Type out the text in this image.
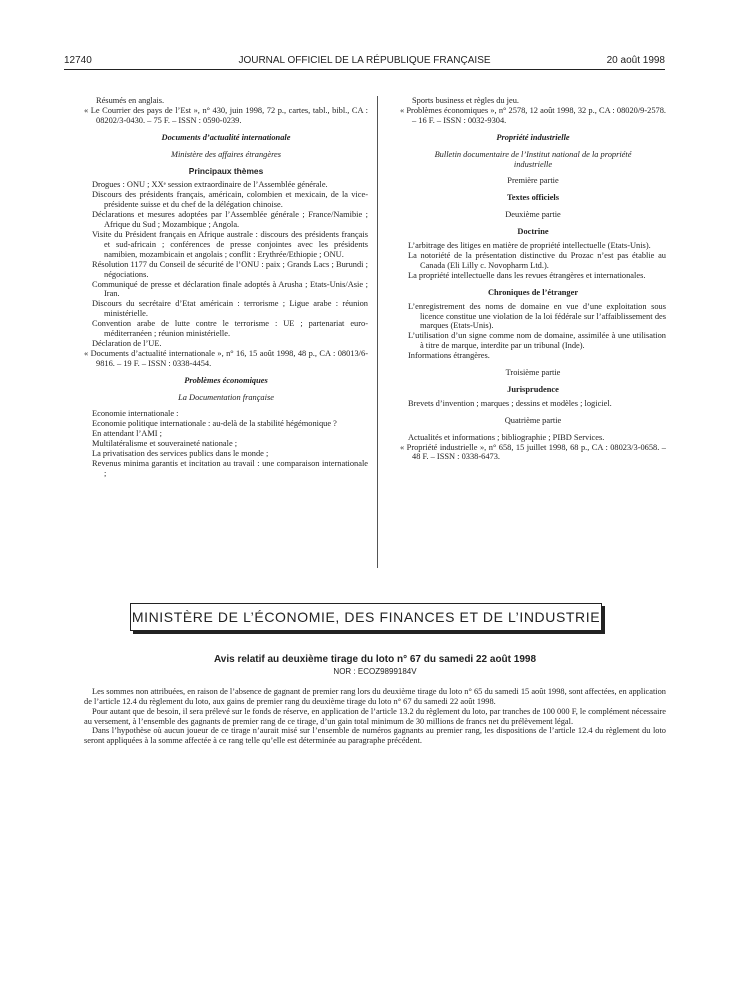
12740	JOURNAL OFFICIEL DE LA RÉPUBLIQUE FRANÇAISE	20 août 1998

Résumés en anglais.

« Le Courrier des pays de l’Est », n° 430, juin 1998, 72 p., cartes, tabl., bibl., CA : 08202/3-0430. – 75 F. – ISSN : 0590-0239.

Documents d’actualité internationale

Ministère des affaires étrangères

Principaux thèmes

Drogues : ONU ; XXᵉ session extraordinaire de l’Assemblée générale.

Discours des présidents français, américain, colombien et mexicain, de la vice-présidente suisse et du chef de la délégation chinoise.

Déclarations et mesures adoptées par l’Assemblée générale ; France/Namibie ; Afrique du Sud ; Mozambique ; Angola.

Visite du Président français en Afrique australe : discours des présidents français et sud-africain ; conférences de presse conjointes avec les présidents namibien, mozambicain et angolais ; conflit : Erythrée/Ethiopie ; ONU.

Résolution 1177 du Conseil de sécurité de l’ONU : paix ; Grands Lacs ; Burundi ; négociations.

Communiqué de presse et déclaration finale adoptés à Arusha ; Etats-Unis/Asie ; Iran.

Discours du secrétaire d’Etat américain : terrorisme ; Ligue arabe : réunion ministérielle.

Convention arabe de lutte contre le terrorisme : UE ; partenariat euro-méditerranéen ; réunion ministérielle.

Déclaration de l’UE.

« Documents d’actualité internationale », n° 16, 15 août 1998, 48 p., CA : 08013/6-9816. – 19 F. – ISSN : 0338-4454.

Problèmes économiques

La Documentation française

Economie internationale :

Economie politique internationale : au-delà de la stabilité hégémonique ?

En attendant l’AMI ;

Multilatéralisme et souveraineté nationale ;

La privatisation des services publics dans le monde ;

Revenus minima garantis et incitation au travail : une comparaison internationale ;

Sports business et règles du jeu.

« Problèmes économiques », n° 2578, 12 août 1998, 32 p., CA : 08020/9-2578. – 16 F. – ISSN : 0032-9304.

Propriété industrielle

Bulletin documentaire de l’Institut national de la propriété industrielle

Première partie

Textes officiels

Deuxième partie

Doctrine

L’arbitrage des litiges en matière de propriété intellectuelle (Etats-Unis).

La notoriété de la présentation distinctive du Prozac n’est pas établie au Canada (Eli Lilly c. Novopharm Ltd.).

La propriété intellectuelle dans les revues étrangères et internationales.

Chroniques de l’étranger

L’enregistrement des noms de domaine en vue d’une exploitation sous licence constitue une violation de la loi fédérale sur l’affaiblissement des marques (Etats-Unis).

L’utilisation d’un signe comme nom de domaine, assimilée à une utilisation à titre de marque, interdite par un tribunal (Inde).

Informations étrangères.

Troisième partie

Jurisprudence

Brevets d’invention ; marques ; dessins et modèles ; logiciel.

Quatrième partie

Actualités et informations ; bibliographie ; PIBD Services.

« Propriété industrielle », n° 658, 15 juillet 1998, 68 p., CA : 08023/3-0658. – 48 F. – ISSN : 0338-6473.

MINISTÈRE DE L’ÉCONOMIE, DES FINANCES ET DE L’INDUSTRIE

Avis relatif au deuxième tirage du loto n° 67 du samedi 22 août 1998

NOR : ECOZ9899184V

Les sommes non attribuées, en raison de l’absence de gagnant de premier rang lors du deuxième tirage du loto n° 65 du samedi 15 août 1998, sont affectées, en application de l’article 12.4 du règlement du loto, aux gains de premier rang du deuxième tirage du loto n° 67 du samedi 22 août 1998.

Pour autant que de besoin, il sera prélevé sur le fonds de réserve, en application de l’article 13.2 du règlement du loto, par tranches de 100 000 F, le complément nécessaire au versement, à l’ensemble des gagnants de premier rang de ce tirage, d’un gain total minimum de 30 millions de francs net du prélèvement légal.

Dans l’hypothèse où aucun joueur de ce tirage n’aurait misé sur l’ensemble de numéros gagnants au premier rang, les dispositions de l’article 12.4 du règlement du loto seront appliquées à la somme affectée à ce rang telle qu’elle est déterminée au paragraphe précédent.
